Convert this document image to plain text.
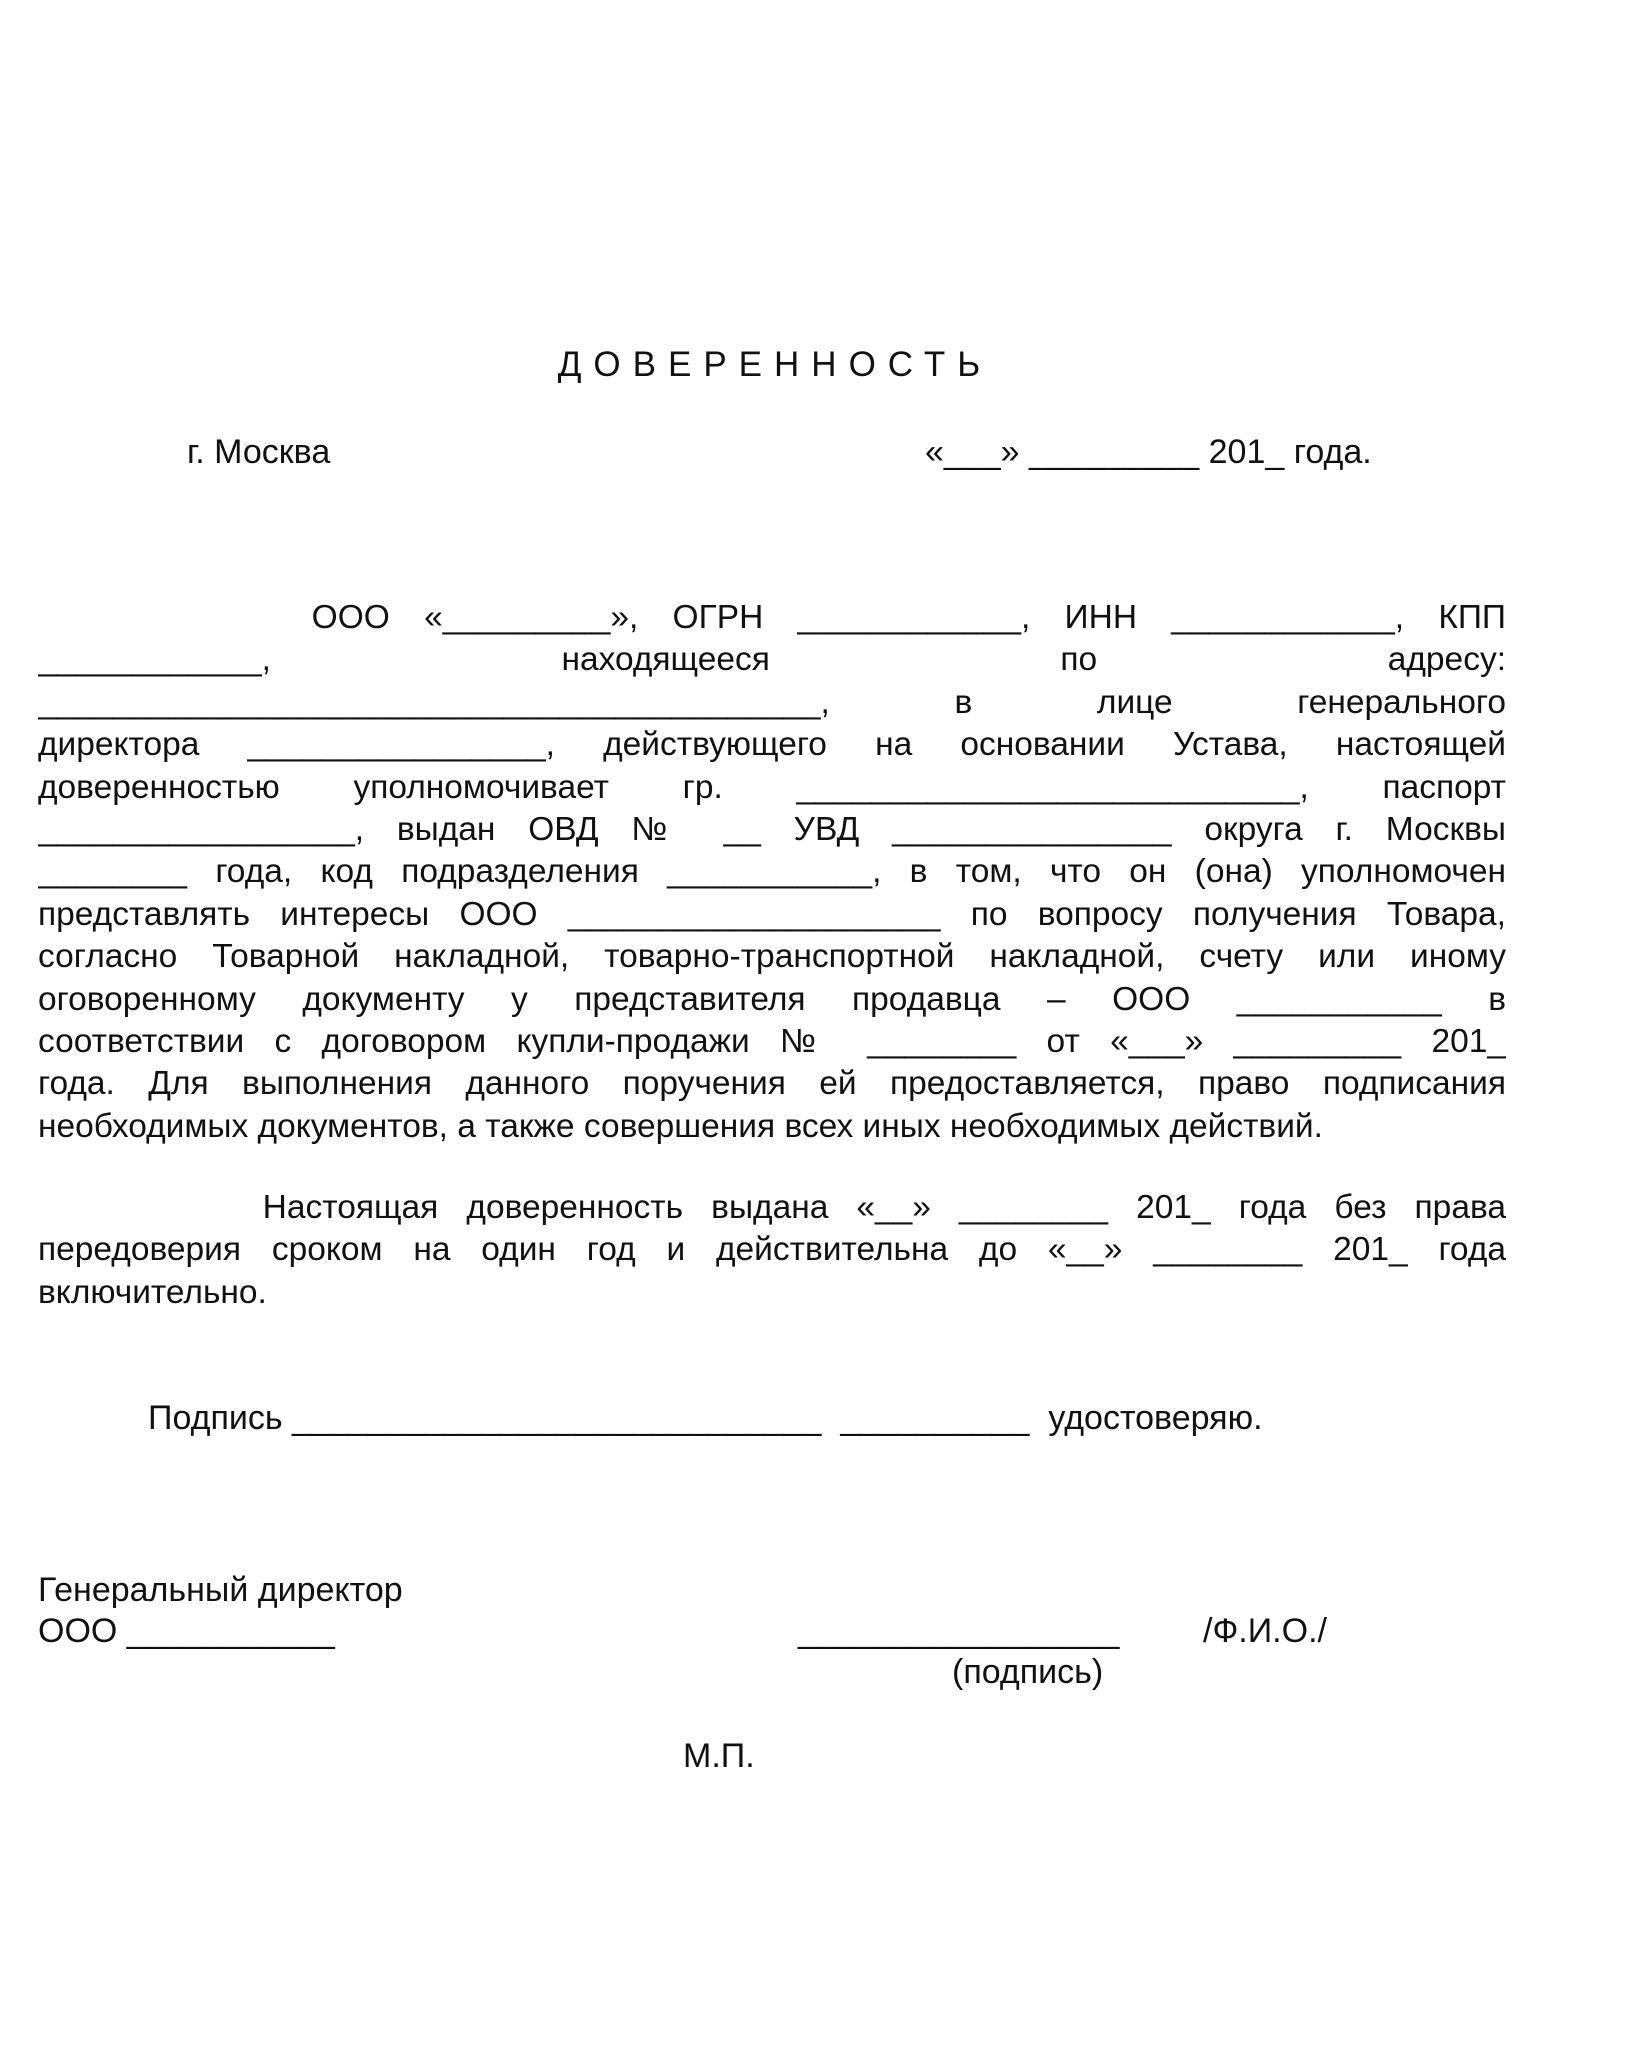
ДОВЕРЕННОСТЬ
г. Москва	«___» _________ 201_ года.
ООО «_________», ОГРН ____________, ИНН ____________, КПП
____________, находящееся по адресу:
__________________________________________, в лице генерального
директора ________________, действующего на основании Устава, настоящей
доверенностью уполномочивает гр. ___________________________, паспорт
_________________, выдан ОВД № __ УВД _______________ округа г. Москвы
________ года, код подразделения ___________, в том, что он (она) уполномочен
представлять интересы ООО ____________________ по вопросу получения Товара,
согласно Товарной накладной, товарно-транспортной накладной, счету или иному
оговоренному документу у представителя продавца – ООО ___________ в
соответствии с договором купли-продажи № ________ от «___» _________ 201_
года. Для выполнения данного поручения ей предоставляется, право подписания
необходимых документов, а также совершения всех иных необходимых действий.
Настоящая доверенность выдана «__» ________ 201_ года без права
передоверия сроком на один год и действительна до «__» ________ 201_ года
включительно.
Подпись ____________________________  __________  удостоверяю.
Генеральный директор
ООО ___________	_________________ /Ф.И.О./
(подпись)
М.П.
